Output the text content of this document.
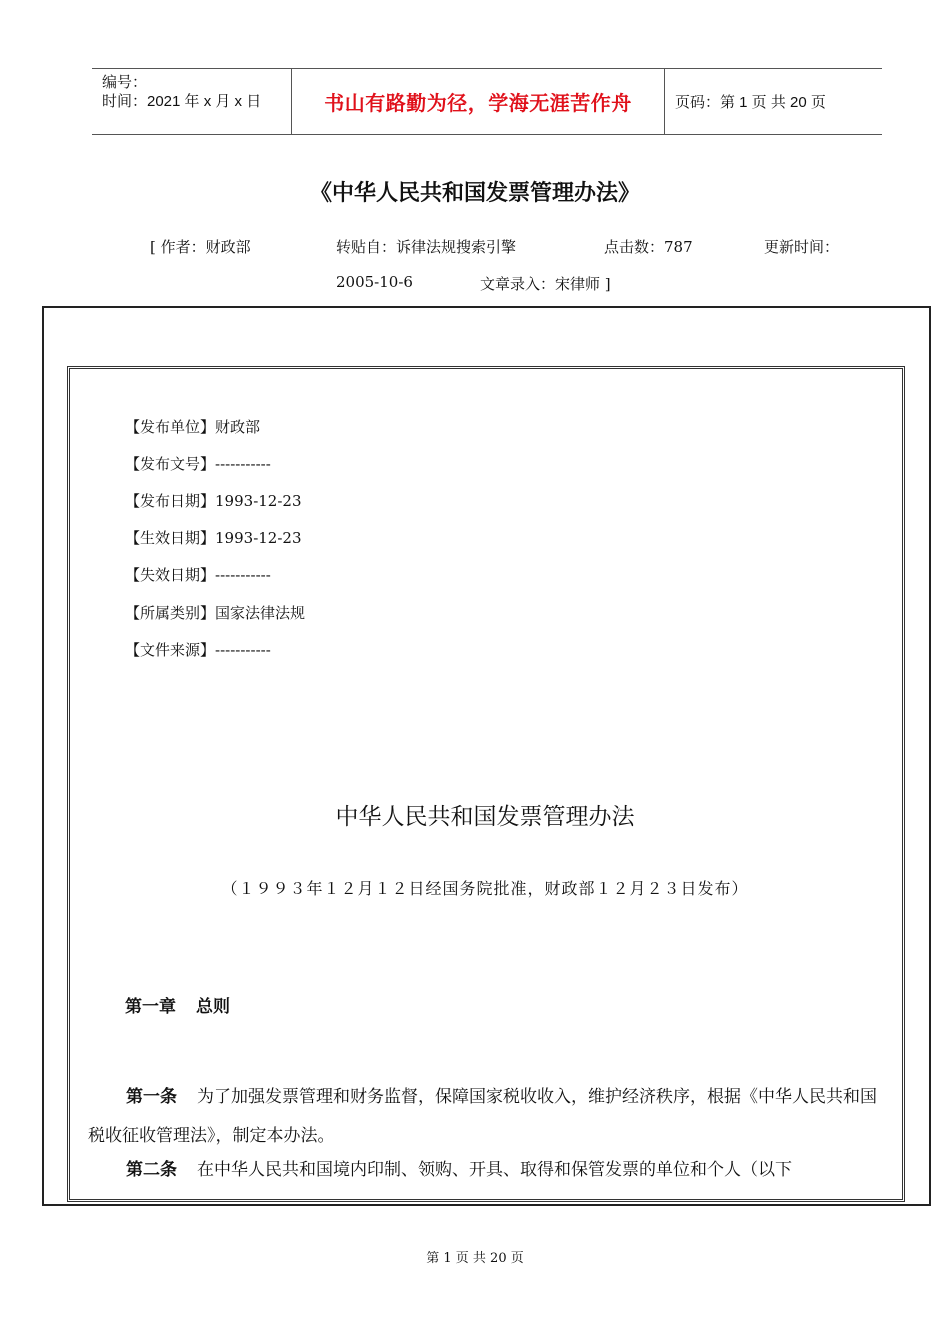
编号：
时间：2021 年 x 月 x 日	书山有路勤为径，学海无涯苦作舟	页码：第 1 页 共 20 页
《中华人民共和国发票管理办法》
[ 作者：财政部	转贴自：诉律法规搜索引擎	点击数：787	更新时间：
2005-10-6	文章录入：宋律师 ]
【发布单位】财政部
【发布文号】-----------
【发布日期】1993-12-23
【生效日期】1993-12-23
【失效日期】-----------
【所属类别】国家法律法规
【文件来源】-----------
中华人民共和国发票管理办法
（１９９３年１２月１２日经国务院批准，财政部１２月２３日发布）
第一章 总则
第一条 为了加强发票管理和财务监督，保障国家税收收入，维护经济秩序，根据《中华人民共和国税收征收管理法》，制定本办法。
第二条 在中华人民共和国境内印制、领购、开具、取得和保管发票的单位和个人（以下
第 1 页 共 20 页
